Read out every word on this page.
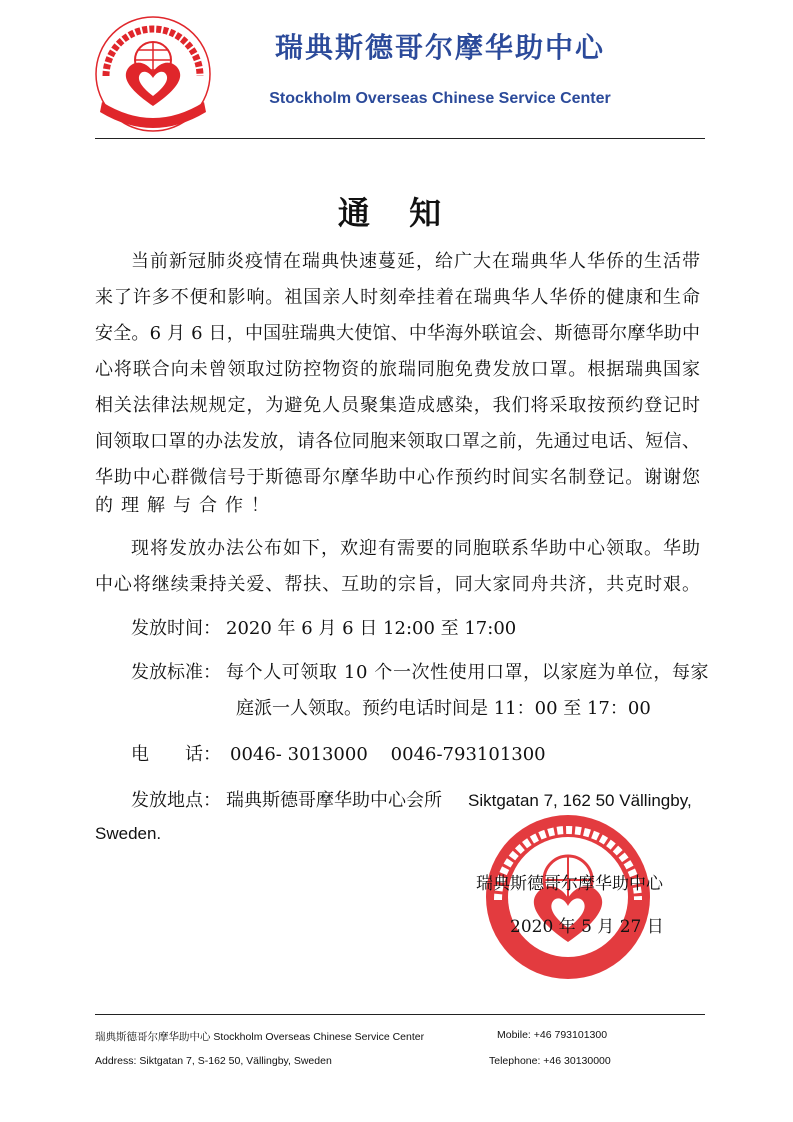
瑞典斯德哥尔摩华助中心
Stockholm Overseas Chinese Service Center
通 知
当前新冠肺炎疫情在瑞典快速蔓延，给广大在瑞典华人华侨的生活带
来了许多不便和影响。祖国亲人时刻牵挂着在瑞典华人华侨的健康和生命
安全。6 月 6 日，中国驻瑞典大使馆、中华海外联谊会、斯德哥尔摩华助中
心将联合向未曾领取过防控物资的旅瑞同胞免费发放口罩。根据瑞典国家
相关法律法规规定，为避免人员聚集造成感染，我们将采取按预约登记时
间领取口罩的办法发放，请各位同胞来领取口罩之前，先通过电话、短信、
华助中心群微信号于斯德哥尔摩华助中心作预约时间实名制登记。谢谢您
的理解与合作！
现将发放办法公布如下，欢迎有需要的同胞联系华助中心领取。华助
中心将继续秉持关爱、帮扶、互助的宗旨，同大家同舟共济，共克时艰。
发放时间： 2020 年 6 月 6 日 12:00 至 17:00
发放标准： 每个人可领取 10 个一次性使用口罩，以家庭为单位，每家
庭派一人领取。预约电话时间是 11：00 至 17：00
电　　话： 0046- 3013000    0046-793101300
发放地点： 瑞典斯德哥摩华助中心会所 Siktgatan 7, 162 50 Vällingby,
Sweden.
瑞典斯德哥尔摩华助中心
2020 年 5 月 27 日
瑞典斯德哥尔摩华助中心 Stockholm Overseas Chinese Service Center	Mobile: +46 793101300
Address: Siktgatan 7, S-162 50, Vällingby, Sweden	Telephone: +46 30130000
